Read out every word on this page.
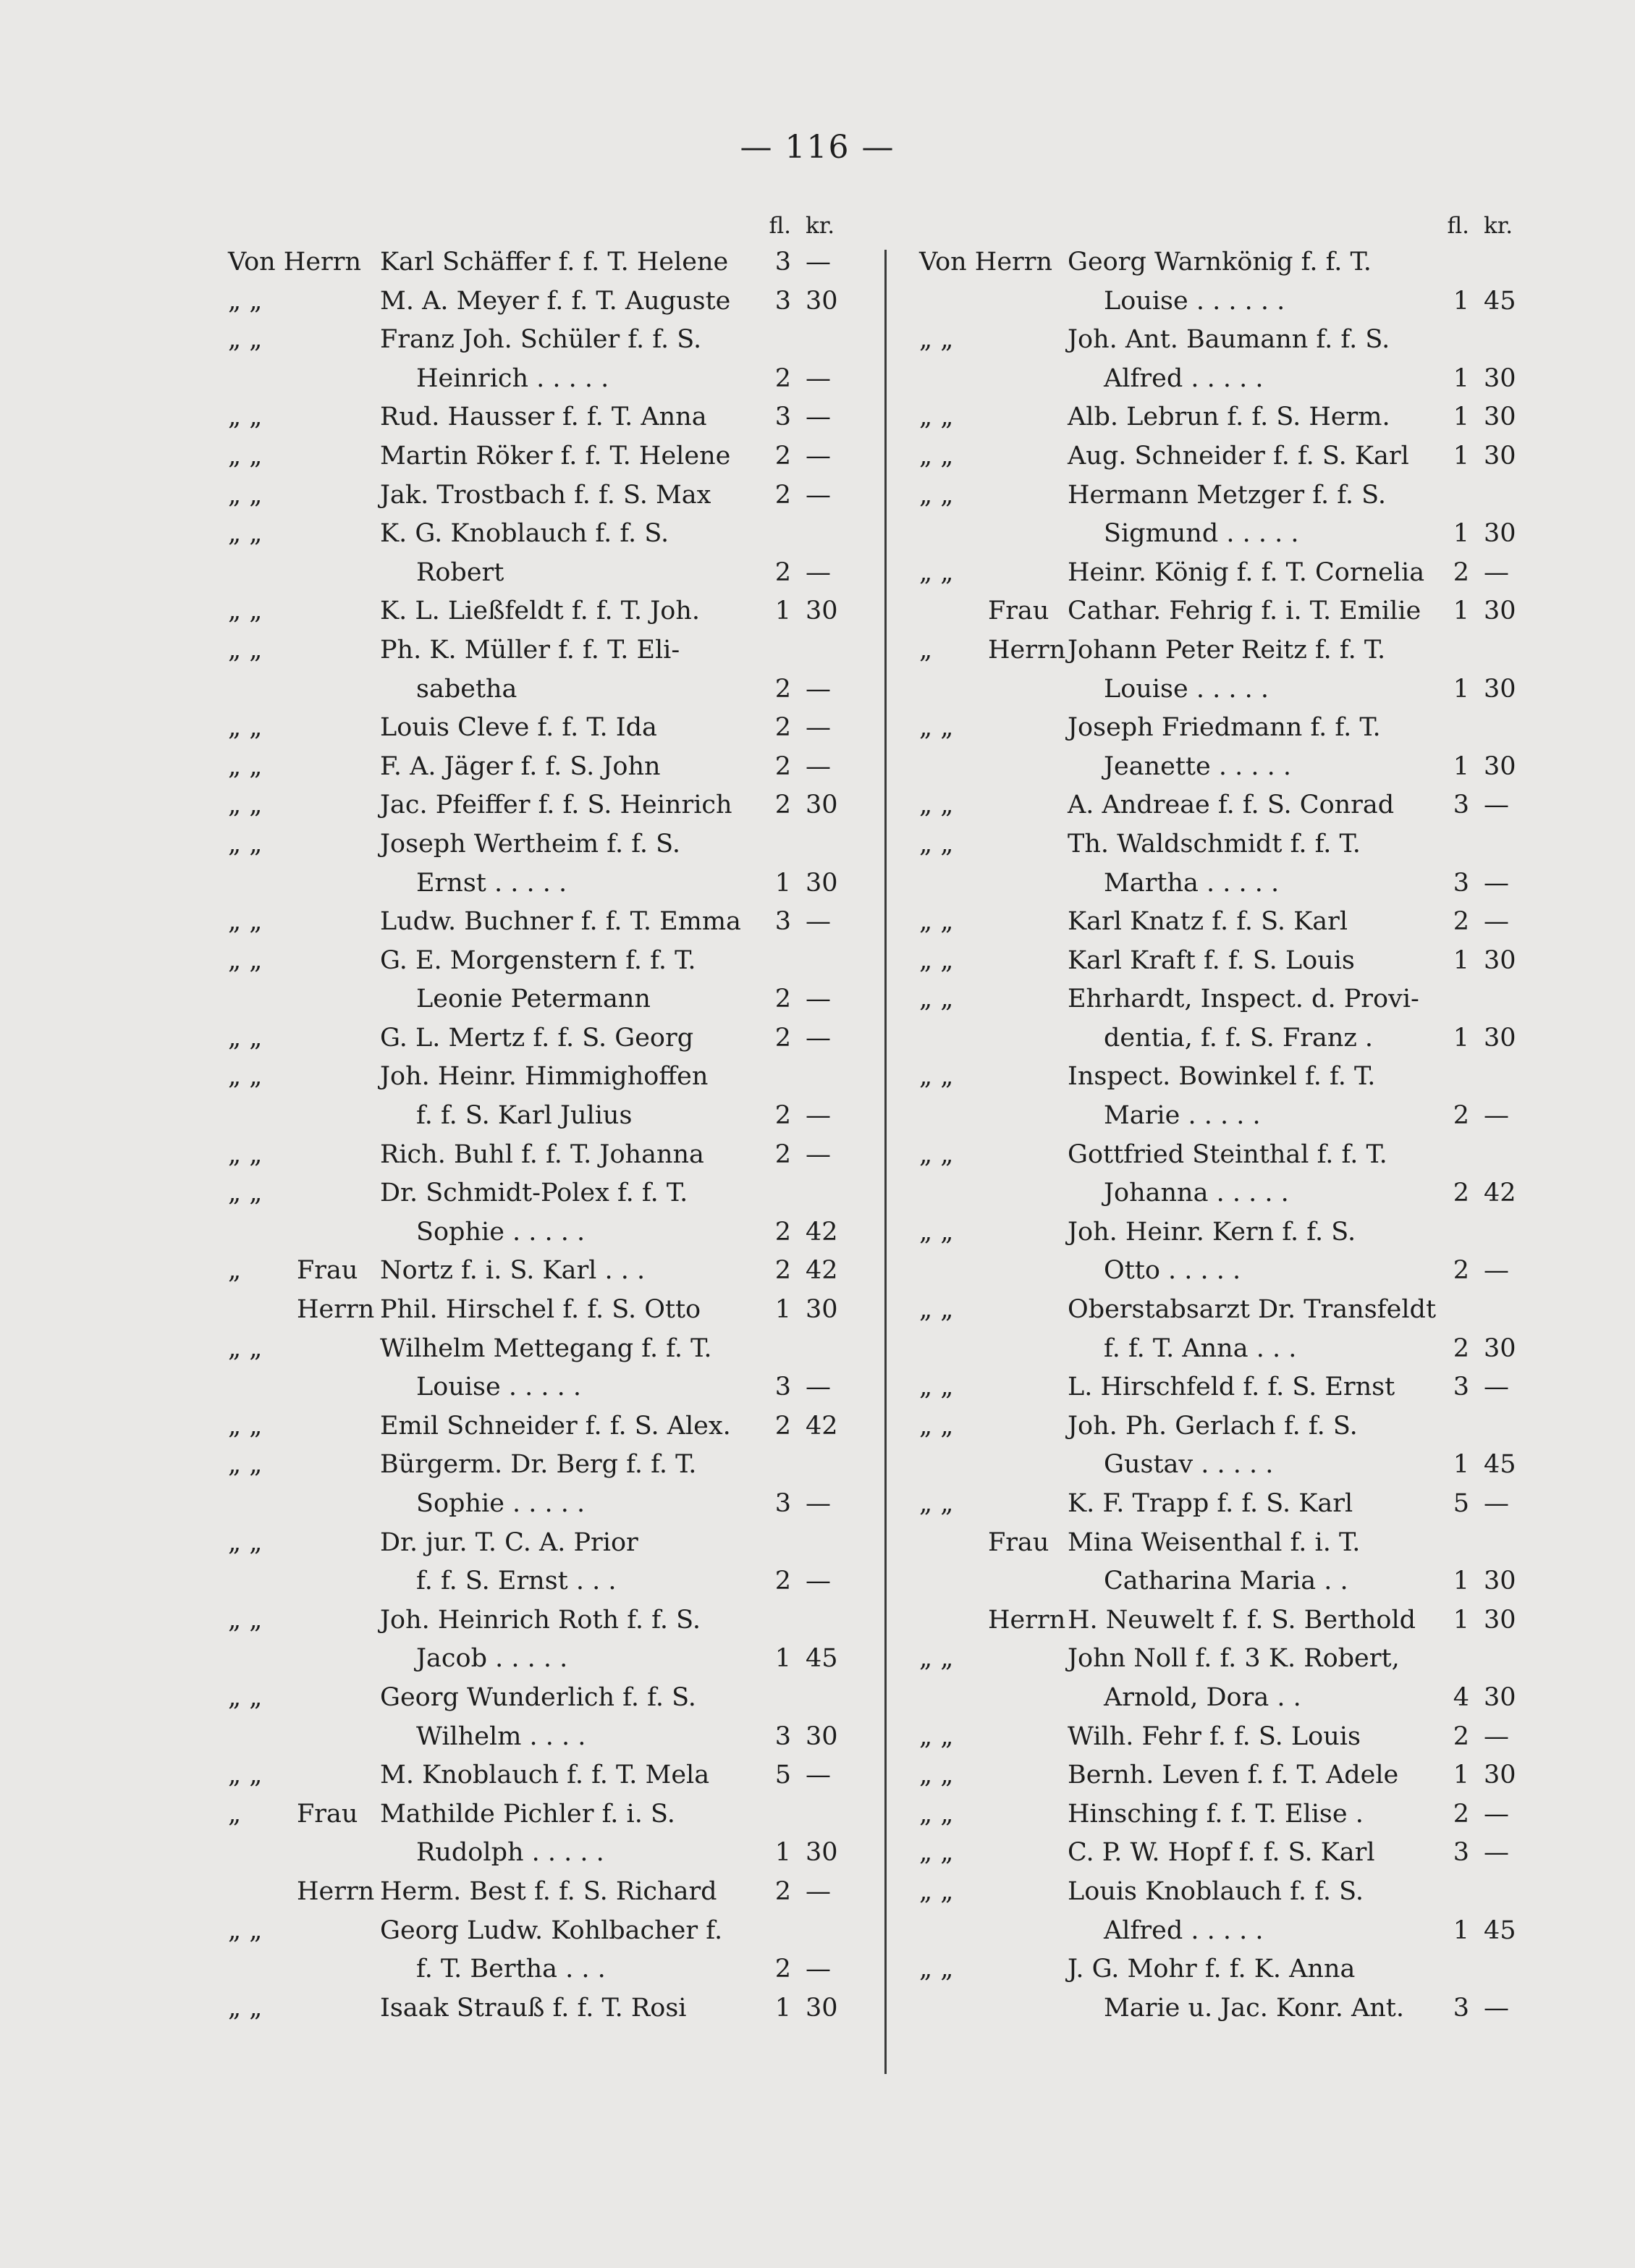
— 116 —
fl. kr.
Von Herrn Karl Schäffer f. f. T. Helene	3 —
„ „	M. A. Meyer f. f. T. Auguste	3 30
„ „	Franz Joh. Schüler f. f. S.
Heinrich . . . . .	2 —
„ „	Rud. Hausser f. f. T. Anna	3 —
„ „	Martin Röker f. f. T. Helene	2 —
„ „	Jak. Trostbach f. f. S. Max	2 —
„ „	K. G. Knoblauch f. f. S.
Robert	2 —
„ „	K. L. Ließfeldt f. f. T. Joh.	1 30
„ „	Ph. K. Müller f. f. T. Eli-
sabetha	2 —
„ „	Louis Cleve f. f. T. Ida	2 —
„ „	F. A. Jäger f. f. S. John	2 —
„ „	Jac. Pfeiffer f. f. S. Heinrich	2 30
„ „	Joseph Wertheim f. f. S.
Ernst . . . . .	1 30
„ „	Ludw. Buchner f. f. T. Emma	3 —
„ „	G. E. Morgenstern f. f. T.
Leonie Petermann	2 —
„ „	G. L. Mertz f. f. S. Georg	2 —
„ „	Joh. Heinr. Himmighoffen
f. f. S. Karl Julius	2 —
„ „	Rich. Buhl f. f. T. Johanna	2 —
„ „	Dr. Schmidt-Polex f. f. T.
Sophie . . . . .	2 42
„ Frau Nortz f. i. S. Karl . . .	2 42
Herrn Phil. Hirschel f. f. S. Otto	1 30
„ „	Wilhelm Mettegang f. f. T.
Louise . . . . .	3 —
„ „	Emil Schneider f. f. S. Alex.	2 42
„ „	Bürgerm. Dr. Berg f. f. T.
Sophie . . . . .	3 —
„ „	Dr. jur. T. C. A. Prior
f. f. S. Ernst . . .	2 —
„ „	Joh. Heinrich Roth f. f. S.
Jacob . . . . .	1 45
„ „	Georg Wunderlich f. f. S.
Wilhelm . . . .	3 30
„ „	M. Knoblauch f. f. T. Mela	5 —
„ Frau Mathilde Pichler f. i. S.
Rudolph . . . . .	1 30
Herrn Herm. Best f. f. S. Richard	2 —
„ „	Georg Ludw. Kohlbacher f.
f. T. Bertha . . .	2 —
„ „	Isaak Strauß f. f. T. Rosi	1 30
fl. kr.
Von Herrn Georg Warnkönig f. f. T.
Louise . . . . . .	1 45
„ „	Joh. Ant. Baumann f. f. S.
Alfred . . . . .	1 30
„ „	Alb. Lebrun f. f. S. Herm.	1 30
„ „	Aug. Schneider f. f. S. Karl	1 30
„ „	Hermann Metzger f. f. S.
Sigmund . . . . .	1 30
„ „	Heinr. König f. f. T. Cornelia	2 —
Frau Cathar. Fehrig f. i. T. Emilie	1 30
„ Herrn Johann Peter Reitz f. f. T.
Louise . . . . .	1 30
„ „	Joseph Friedmann f. f. T.
Jeanette . . . . .	1 30
„ „	A. Andreae f. f. S. Conrad	3 —
„ „	Th. Waldschmidt f. f. T.
Martha . . . . .	3 —
„ „	Karl Knatz f. f. S. Karl	2 —
„ „	Karl Kraft f. f. S. Louis	1 30
„ „	Ehrhardt, Inspect. d. Provi-
dentia, f. f. S. Franz .	1 30
„ „	Inspect. Bowinkel f. f. T.
Marie . . . . .	2 —
„ „	Gottfried Steinthal f. f. T.
Johanna . . . . .	2 42
„ „	Joh. Heinr. Kern f. f. S.
Otto . . . . .	2 —
„ „	Oberstabsarzt Dr. Transfeldt
f. f. T. Anna . . .	2 30
„ „	L. Hirschfeld f. f. S. Ernst	3 —
„ „	Joh. Ph. Gerlach f. f. S.
Gustav . . . . .	1 45
„ „	K. F. Trapp f. f. S. Karl	5 —
Frau Mina Weisenthal f. i. T.
Catharina Maria . .	1 30
Herrn H. Neuwelt f. f. S. Berthold	1 30
„ „	John Noll f. f. 3 K. Robert,
Arnold, Dora . .	4 30
„ „	Wilh. Fehr f. f. S. Louis	2 —
„ „	Bernh. Leven f. f. T. Adele	1 30
„ „	Hinsching f. f. T. Elise .	2 —
„ „	C. P. W. Hopf f. f. S. Karl	3 —
„ „	Louis Knoblauch f. f. S.
Alfred . . . . .	1 45
„ „	J. G. Mohr f. f. K. Anna
Marie u. Jac. Konr. Ant.	3 —
